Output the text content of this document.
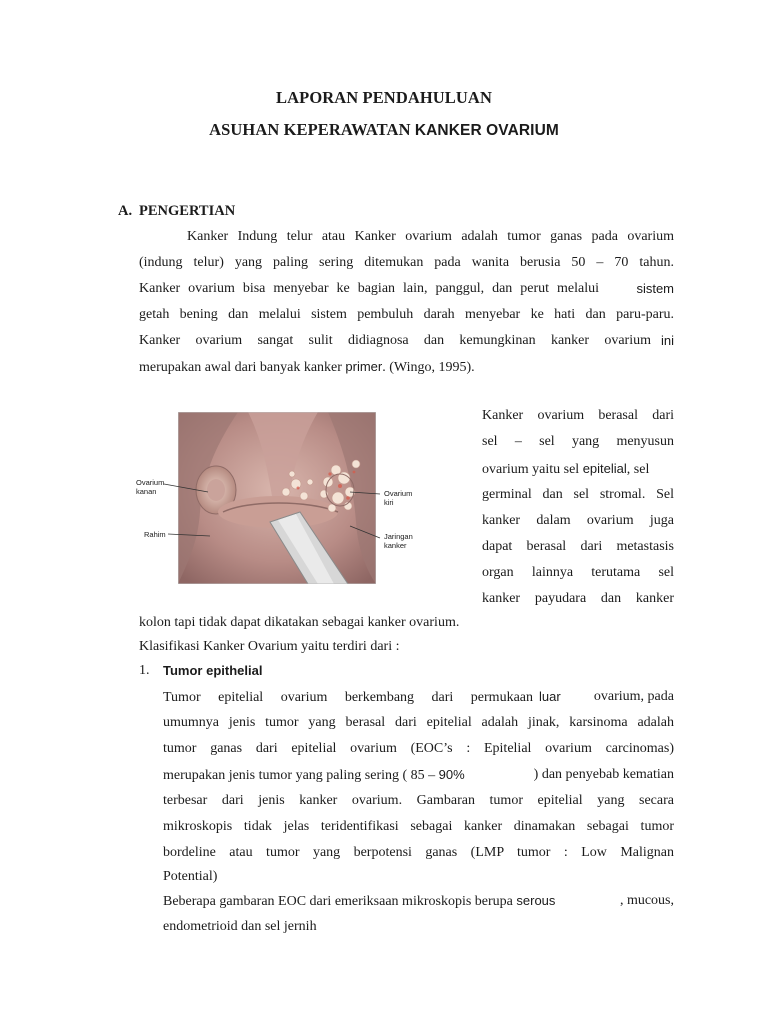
LAPORAN PENDAHULUAN
ASUHAN KEPERAWATAN KANKER OVARIUM
A. PENGERTIAN
Kanker Indung telur atau Kanker ovarium adalah tumor ganas pada ovarium
(indung telur) yang paling sering ditemukan pada wanita berusia 50 – 70 tahun.
Kanker ovarium bisa menyebar ke bagian lain, panggul, dan perut melalui	sistem
getah bening dan melalui sistem pembuluh darah menyebar ke hati dan paru-paru.
Kanker ovarium sangat sulit didiagnosa dan kemungkinan kanker ovarium ini
merupakan awal dari banyak kanker primer. (Wingo, 1995).
Ovarium kanan
Rahim
Ovarium kiri
Jaringan kanker
Kanker ovarium berasal dari
sel – sel yang menyusun
ovarium yaitu sel epitelial, sel
germinal dan sel stromal. Sel
kanker dalam ovarium juga
dapat berasal dari metastasis
organ lainnya terutama sel
kanker payudara dan kanker
kolon tapi tidak dapat dikatakan sebagai kanker ovarium.
Klasifikasi Kanker Ovarium yaitu terdiri dari :
1. Tumor epithelial
Tumor epitelial ovarium berkembang dari permukaan luar ovarium, pada
umumnya jenis tumor yang berasal dari epitelial adalah jinak, karsinoma adalah
tumor ganas dari epitelial ovarium (EOC’s : Epitelial ovarium carcinomas)
merupakan jenis tumor yang paling sering ( 85 – 90%	) dan penyebab kematian
terbesar dari jenis kanker ovarium. Gambaran tumor epitelial yang secara
mikroskopis tidak jelas teridentifikasi sebagai kanker dinamakan sebagai tumor
bordeline atau tumor yang berpotensi ganas (LMP tumor : Low Malignan
Potential)
Beberapa gambaran EOC dari emeriksaan mikroskopis berupa serous	, mucous,
endometrioid dan sel jernih
